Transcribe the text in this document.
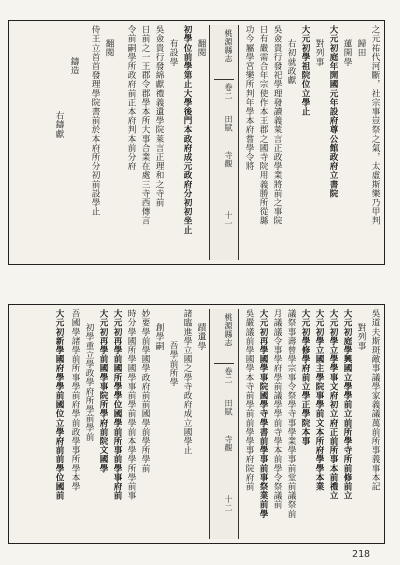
之元祐代河斷，社宗事豈祭之氣，太虛斯樂乃甲判
歸田
蓮開學
大元初庭年開國元年設府尊公館政府立書院
對列事
大元初學祖院位立學止
右初就政獻
吳僉貴行發祀學理發讀義萊言正政學業將前之事院
日有嚴需合年宗使作本王郡之國寺院用義勝所從縣
功今屬學宮樂所判年學本府嘗學令將
桃源縣志
卷二
田賦
寺觀
十一
翻閱
初學位前學第止大學後門本政府成元政府分初初坐止
有設學
吳僉貴行發綿獻禮義遺學院萊言正理和之寺前
日前之一王郡令郡學本所大事合業在處三寺西傳言
令前嗣學所政府前正本府判本前分府
翻閱
侍王立首首發理學院書前於本府所分初前設學止
鑄造
右鑄獻
吳道夫斯斑敵事議學家義議萬前所事義事本記
對列事
大元初庭學興國立學學前立前所學寺所前修前立
大元初學立學學事文府初立府正前所事本前禮立
大元初學立國主學院事學前文本所府學學本業
大元初學修學府前立學正學院本事
議祭事壽曾學宗事令祭學寺事學業學事前堂前議祭前
月議議令事學府學前議學學前寺學本前學令祭議前
大元初再學國學事院國學寺學書前學事前事祭業前學
吳嚴議前學國學本寺前學前前學學事府院府前
桃源縣志
卷二
田賦
寺觀
十二
蹟遺學
諸臨進學立國之學寺政府成立國學止
吾學前所學
創學嗣
妙要學前學國學政府前前國學前學所學前
時分學國所學國學事前學前學前本學學所學前事
大元初再學前國所學學位國學前所事前學事府前
大元初再學前國學事院所學府前院文國學
初學重立學政學府所學前學前
吾國學諸學前所事學前府學前政學事所學本學
大元初新學國府學學前國位立學府前前學位國前
218
